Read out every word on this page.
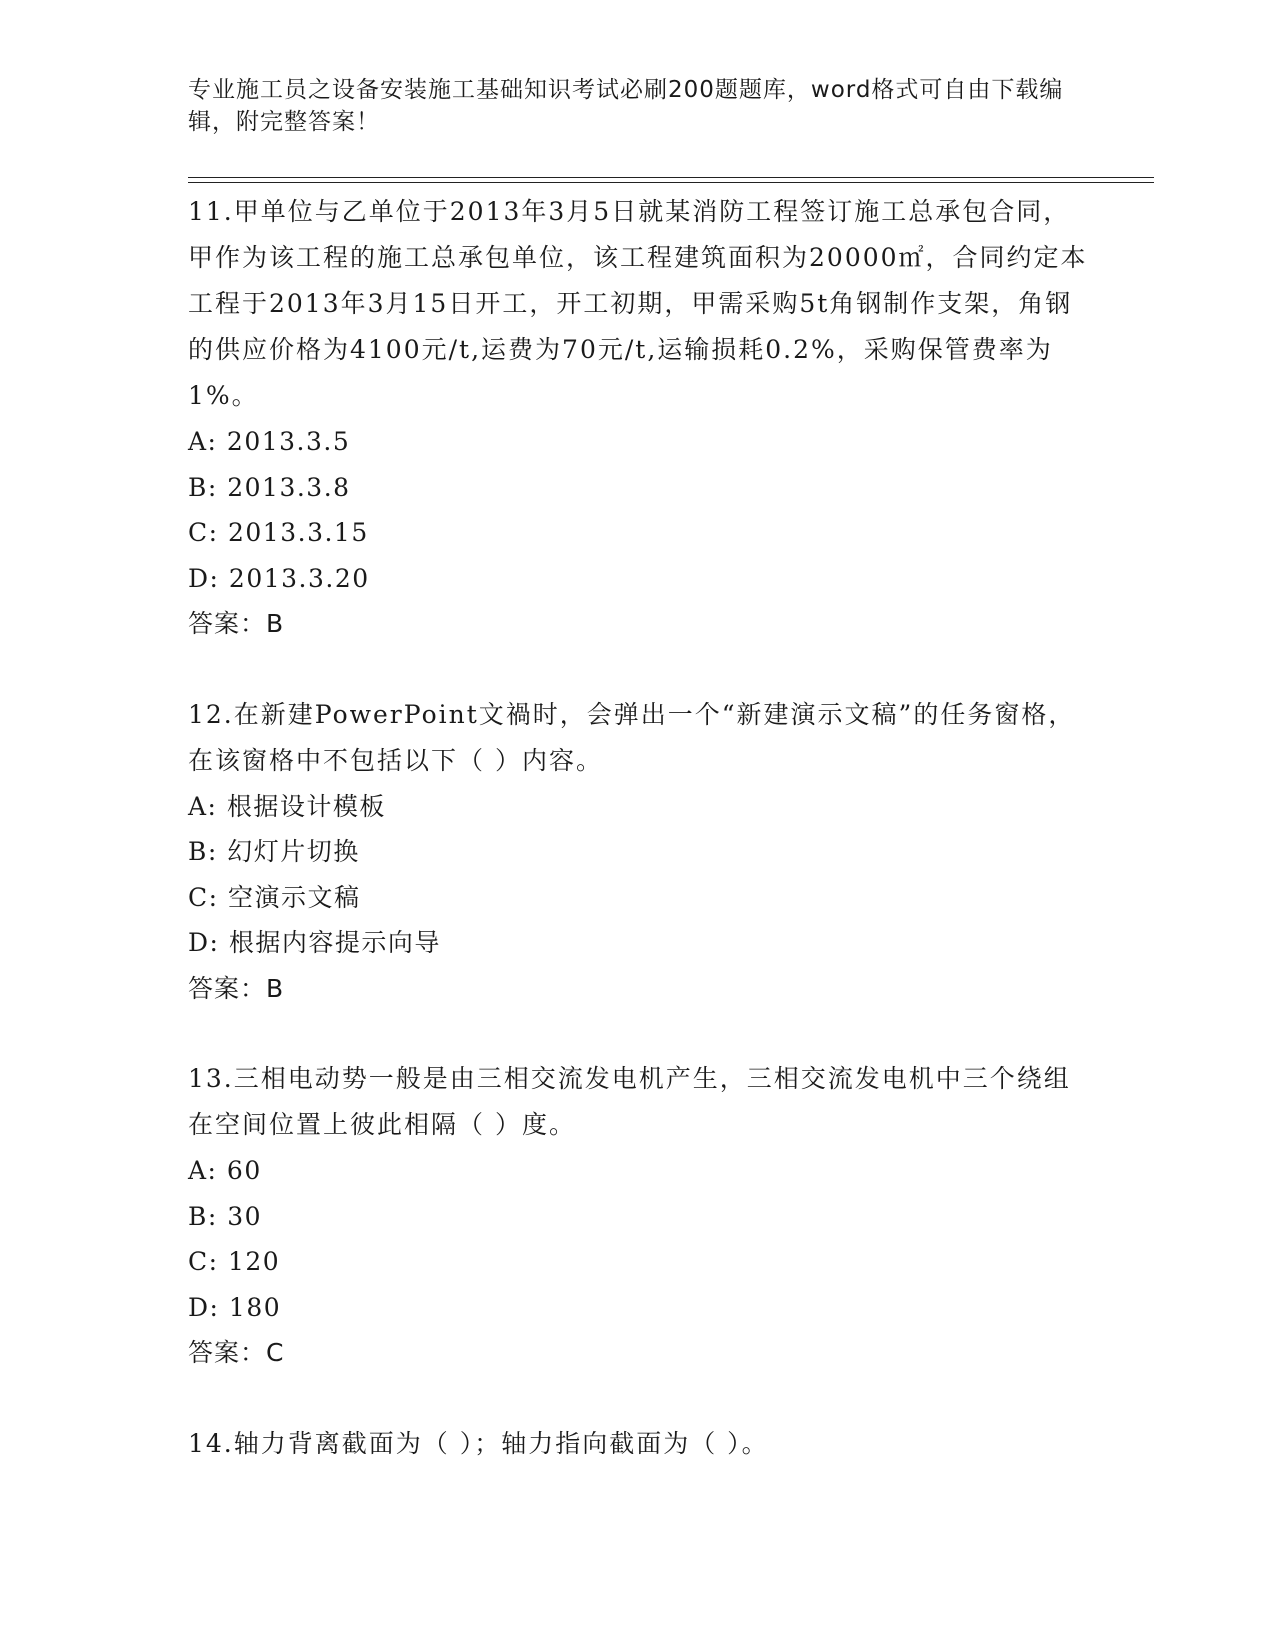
专业施工员之设备安装施工基础知识考试必刷200题题库，word格式可自由下载编辑，附完整答案！

11.甲单位与乙单位于2013年3月5日就某消防工程签订施工总承包合同，甲作为该工程的施工总承包单位，该工程建筑面积为20000㎡，合同约定本工程于2013年3月15日开工，开工初期，甲需采购5t角钢制作支架，角钢的供应价格为4100元/t,运费为70元/t,运输损耗0.2%，采购保管费率为1%。

A: 2013.3.5

B: 2013.3.8

C: 2013.3.15

D: 2013.3.20

答案：B

12.在新建PowerPoint文禍时，会弹出一个“新建演示文稿”的任务窗格，在该窗格中不包括以下（ ）内容。

A: 根据设计模板

B: 幻灯片切换

C: 空演示文稿

D: 根据内容提示向导

答案：B

13.三相电动势一般是由三相交流发电机产生，三相交流发电机中三个绕组在空间位置上彼此相隔（ ）度。

A: 60

B: 30

C: 120

D: 180

答案：C

14.轴力背离截面为（ ）；轴力指向截面为（ ）。
